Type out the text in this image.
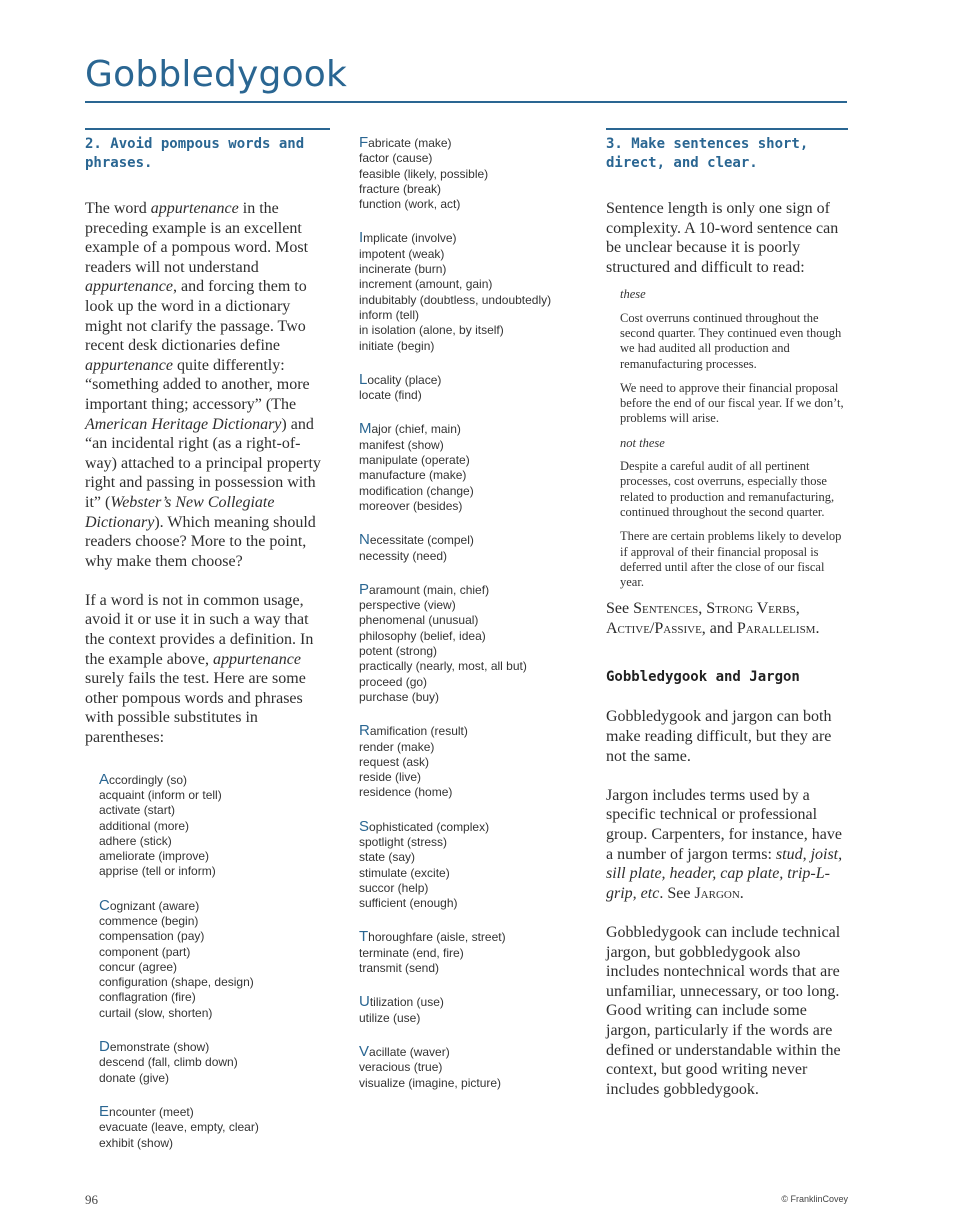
Gobbledygook
2. Avoid pompous words and phrases.

The word appurtenance in the preceding example is an excellent example of a pompous word. Most readers will not understand appurtenance, and forcing them to look up the word in a dictionary might not clarify the passage. Two recent desk dictionaries define appurtenance quite differently: “something added to another, more important thing; accessory” (The American Heritage Dictionary) and “an incidental right (as a right-of-way) attached to a principal property right and passing in possession with it” (Webster’s New Collegiate Dictionary). Which meaning should readers choose? More to the point, why make them choose?

If a word is not in common usage, avoid it or use it in such a way that the context provides a definition. In the example above, appurtenance surely fails the test. Here are some other pompous words and phrases with possible substitutes in parentheses:

Accordingly (so)
acquaint (inform or tell)
activate (start)
additional (more)
adhere (stick)
ameliorate (improve)
apprise (tell or inform)
Cognizant (aware)
commence (begin)
compensation (pay)
component (part)
concur (agree)
configuration (shape, design)
conflagration (fire)
curtail (slow, shorten)
Demonstrate (show)
descend (fall, climb down)
donate (give)
Encounter (meet)
evacuate (leave, empty, clear)
exhibit (show)
Fabricate (make)
factor (cause)
feasible (likely, possible)
fracture (break)
function (work, act)
Implicate (involve)
impotent (weak)
incinerate (burn)
increment (amount, gain)
indubitably (doubtless, undoubtedly)
inform (tell)
in isolation (alone, by itself)
initiate (begin)
Locality (place)
locate (find)
Major (chief, main)
manifest (show)
manipulate (operate)
manufacture (make)
modification (change)
moreover (besides)
Necessitate (compel)
necessity (need)
Paramount (main, chief)
perspective (view)
phenomenal (unusual)
philosophy (belief, idea)
potent (strong)
practically (nearly, most, all but)
proceed (go)
purchase (buy)
Ramification (result)
render (make)
request (ask)
reside (live)
residence (home)
Sophisticated (complex)
spotlight (stress)
state (say)
stimulate (excite)
succor (help)
sufficient (enough)
Thoroughfare (aisle, street)
terminate (end, fire)
transmit (send)
Utilization (use)
utilize (use)
Vacillate (waver)
veracious (true)
visualize (imagine, picture)
3. Make sentences short, direct, and clear.

Sentence length is only one sign of complexity. A 10-word sentence can be unclear because it is poorly structured and difficult to read:

these
Cost overruns continued throughout the second quarter. They continued even though we had audited all production and remanufacturing processes.
We need to approve their financial proposal before the end of our fiscal year. If we don’t, problems will arise.
not these
Despite a careful audit of all pertinent processes, cost overruns, especially those related to production and remanufacturing, continued throughout the second quarter.
There are certain problems likely to develop if approval of their financial proposal is deferred until after the close of our fiscal year.

See Sentences, Strong Verbs, Active/Passive, and Parallelism.

Gobbledygook and Jargon

Gobbledygook and jargon can both make reading difficult, but they are not the same.

Jargon includes terms used by a specific technical or professional group. Carpenters, for instance, have a number of jargon terms: stud, joist, sill plate, header, cap plate, trip-L-grip, etc. See Jargon.

Gobbledygook can include technical jargon, but gobbledygook also includes nontechnical words that are unfamiliar, unnecessary, or too long. Good writing can include some jargon, particularly if the words are defined or understandable within the context, but good writing never includes gobbledygook.

96	© FranklinCovey
